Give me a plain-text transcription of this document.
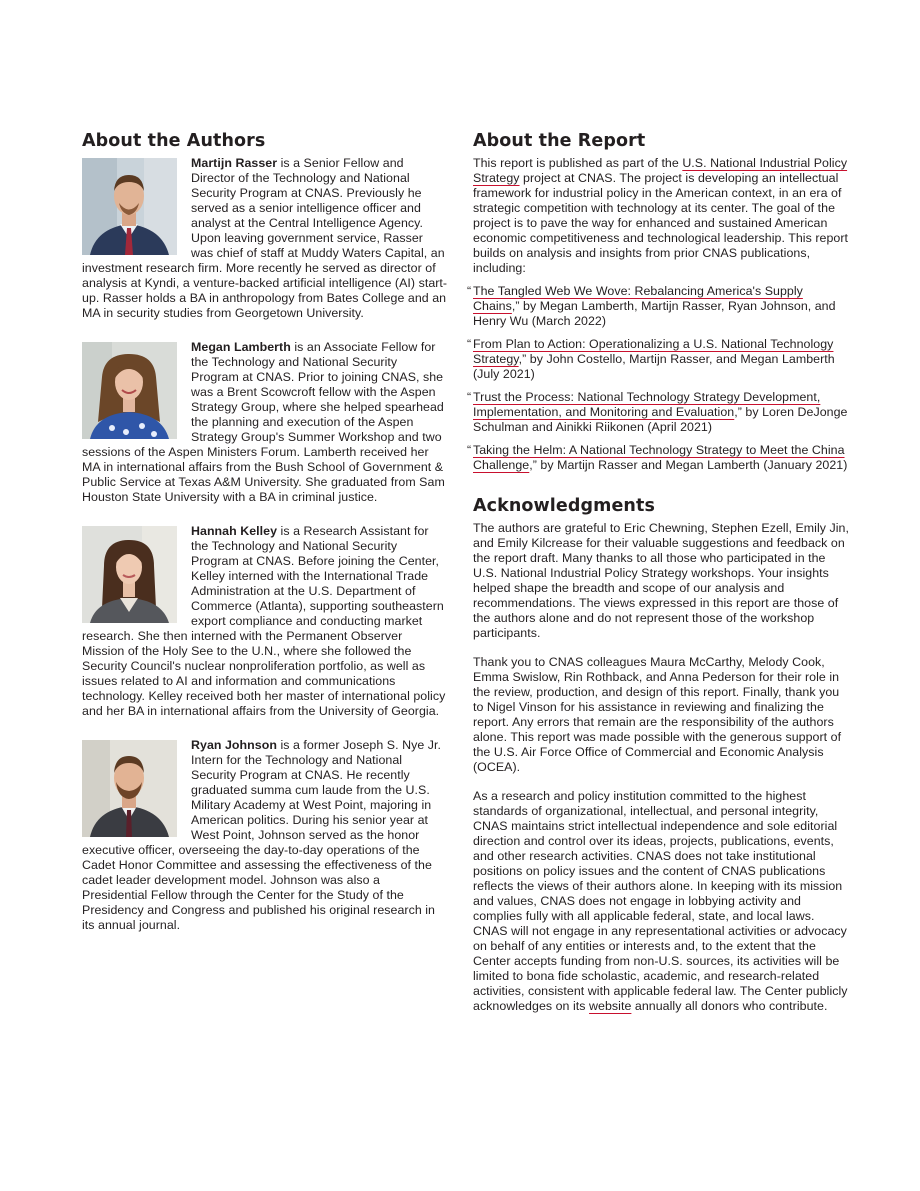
About the Authors
Martijn Rasser is a Senior Fellow and Director of the Technology and National Security Program at CNAS. Previously he served as a senior intelligence officer and analyst at the Central Intelligence Agency. Upon leaving government service, Rasser was chief of staff at Muddy Waters Capital, an investment research firm. More recently he served as director of analysis at Kyndi, a venture-backed artificial intelligence (AI) start-up. Rasser holds a BA in anthropology from Bates College and an MA in security studies from Georgetown University.
Megan Lamberth is an Associate Fellow for the Technology and National Security Program at CNAS. Prior to joining CNAS, she was a Brent Scowcroft fellow with the Aspen Strategy Group, where she helped spearhead the planning and execution of the Aspen Strategy Group's Summer Workshop and two sessions of the Aspen Ministers Forum. Lamberth received her MA in international affairs from the Bush School of Government & Public Service at Texas A&M University. She graduated from Sam Houston State University with a BA in criminal justice.
Hannah Kelley is a Research Assistant for the Technology and National Security Program at CNAS. Before joining the Center, Kelley interned with the International Trade Administration at the U.S. Department of Commerce (Atlanta), supporting southeastern export compliance and conducting market research. She then interned with the Permanent Observer Mission of the Holy See to the U.N., where she followed the Security Council's nuclear nonproliferation portfolio, as well as issues related to AI and information and communications technology. Kelley received both her master of international policy and her BA in international affairs from the University of Georgia.
Ryan Johnson is a former Joseph S. Nye Jr. Intern for the Technology and National Security Program at CNAS. He recently graduated summa cum laude from the U.S. Military Academy at West Point, majoring in American politics. During his senior year at West Point, Johnson served as the honor executive officer, overseeing the day-to-day operations of the Cadet Honor Committee and assessing the effectiveness of the cadet leader development model. Johnson was also a Presidential Fellow through the Center for the Study of the Presidency and Congress and published his original research in its annual journal.
About the Report

This report is published as part of the U.S. National Industrial Policy Strategy project at CNAS. The project is developing an intellectual framework for industrial policy in the American context, in an era of strategic competition with technology at its center. The goal of the project is to pave the way for enhanced and sustained American economic competitiveness and technological leadership. This report builds on analysis and insights from prior CNAS publications, including:

“ The Tangled Web We Wove: Rebalancing America's Supply Chains,” by Megan Lamberth, Martijn Rasser, Ryan Johnson, and Henry Wu (March 2022)
“ From Plan to Action: Operationalizing a U.S. National Technology Strategy,” by John Costello, Martijn Rasser, and Megan Lamberth (July 2021)
“ Trust the Process: National Technology Strategy Development, Implementation, and Monitoring and Evaluation,” by Loren DeJonge Schulman and Ainikki Riikonen (April 2021)
“ Taking the Helm: A National Technology Strategy to Meet the China Challenge,” by Martijn Rasser and Megan Lamberth (January 2021)
Acknowledgments

The authors are grateful to Eric Chewning, Stephen Ezell, Emily Jin, and Emily Kilcrease for their valuable suggestions and feedback on the report draft. Many thanks to all those who participated in the U.S. National Industrial Policy Strategy workshops. Your insights helped shape the breadth and scope of our analysis and recommendations. The views expressed in this report are those of the authors alone and do not represent those of the workshop participants.

Thank you to CNAS colleagues Maura McCarthy, Melody Cook, Emma Swislow, Rin Rothback, and Anna Pederson for their role in the review, production, and design of this report. Finally, thank you to Nigel Vinson for his assistance in reviewing and finalizing the report. Any errors that remain are the responsibility of the authors alone. This report was made possible with the generous support of the U.S. Air Force Office of Commercial and Economic Analysis (OCEA).

As a research and policy institution committed to the highest standards of organizational, intellectual, and personal integrity, CNAS maintains strict intellectual independence and sole editorial direction and control over its ideas, projects, publications, events, and other research activities. CNAS does not take institutional positions on policy issues and the content of CNAS publications reflects the views of their authors alone. In keeping with its mission and values, CNAS does not engage in lobbying activity and complies fully with all applicable federal, state, and local laws. CNAS will not engage in any representational activities or advocacy on behalf of any entities or interests and, to the extent that the Center accepts funding from non-U.S. sources, its activities will be limited to bona fide scholastic, academic, and research-related activities, consistent with applicable federal law. The Center publicly acknowledges on its website annually all donors who contribute.
